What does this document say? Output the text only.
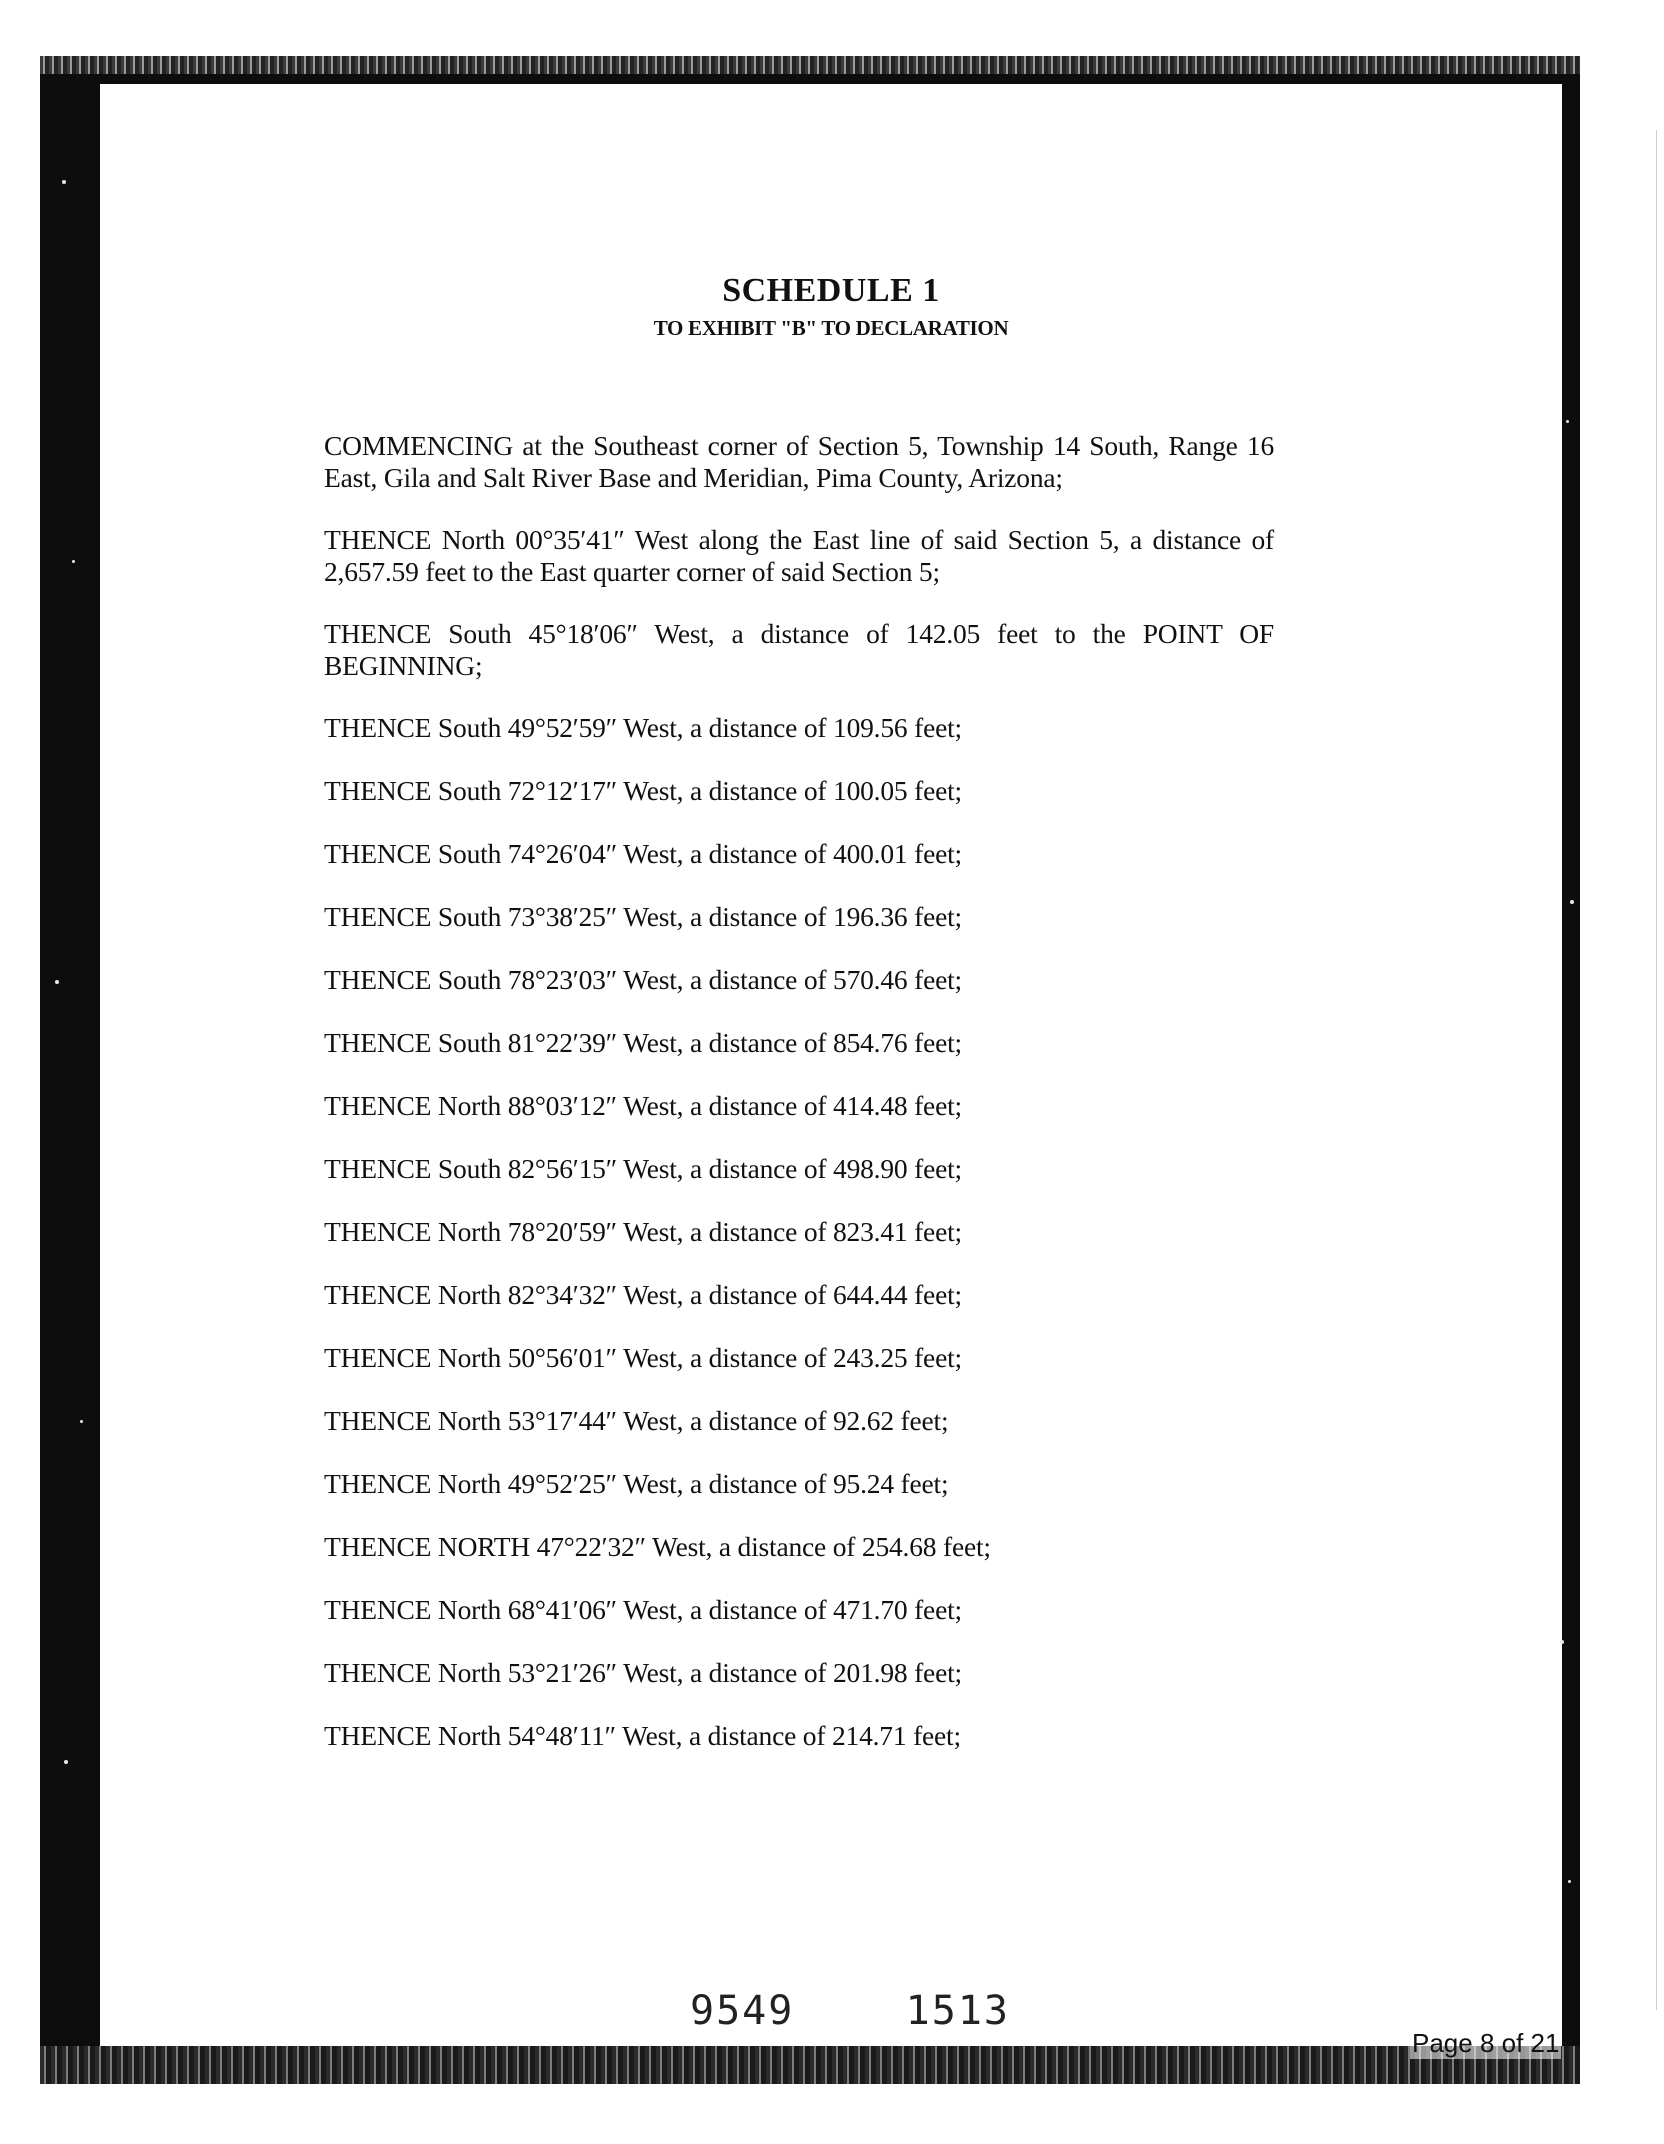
SCHEDULE 1
TO EXHIBIT "B" TO DECLARATION
COMMENCING at the Southeast corner of Section 5, Township 14 South, Range 16 East, Gila and Salt River Base and Meridian, Pima County, Arizona;
THENCE North 00°35′41″ West along the East line of said Section 5, a distance of 2,657.59 feet to the East quarter corner of said Section 5;
THENCE South 45°18′06″ West, a distance of 142.05 feet to the POINT OF BEGINNING;
THENCE South 49°52′59″ West, a distance of 109.56 feet;
THENCE South 72°12′17″ West, a distance of 100.05 feet;
THENCE South 74°26′04″ West, a distance of 400.01 feet;
THENCE South 73°38′25″ West, a distance of 196.36 feet;
THENCE South 78°23′03″ West, a distance of 570.46 feet;
THENCE South 81°22′39″ West, a distance of 854.76 feet;
THENCE North 88°03′12″ West, a distance of 414.48 feet;
THENCE South 82°56′15″ West, a distance of 498.90 feet;
THENCE North 78°20′59″ West, a distance of 823.41 feet;
THENCE North 82°34′32″ West, a distance of 644.44 feet;
THENCE North 50°56′01″ West, a distance of 243.25 feet;
THENCE North 53°17′44″ West, a distance of 92.62 feet;
THENCE North 49°52′25″ West, a distance of 95.24 feet;
THENCE NORTH 47°22′32″ West, a distance of 254.68 feet;
THENCE North 68°41′06″ West, a distance of 471.70 feet;
THENCE North 53°21′26″ West, a distance of 201.98 feet;
THENCE North 54°48′11″ West, a distance of 214.71 feet;
9549	1513
Page 8 of 21
